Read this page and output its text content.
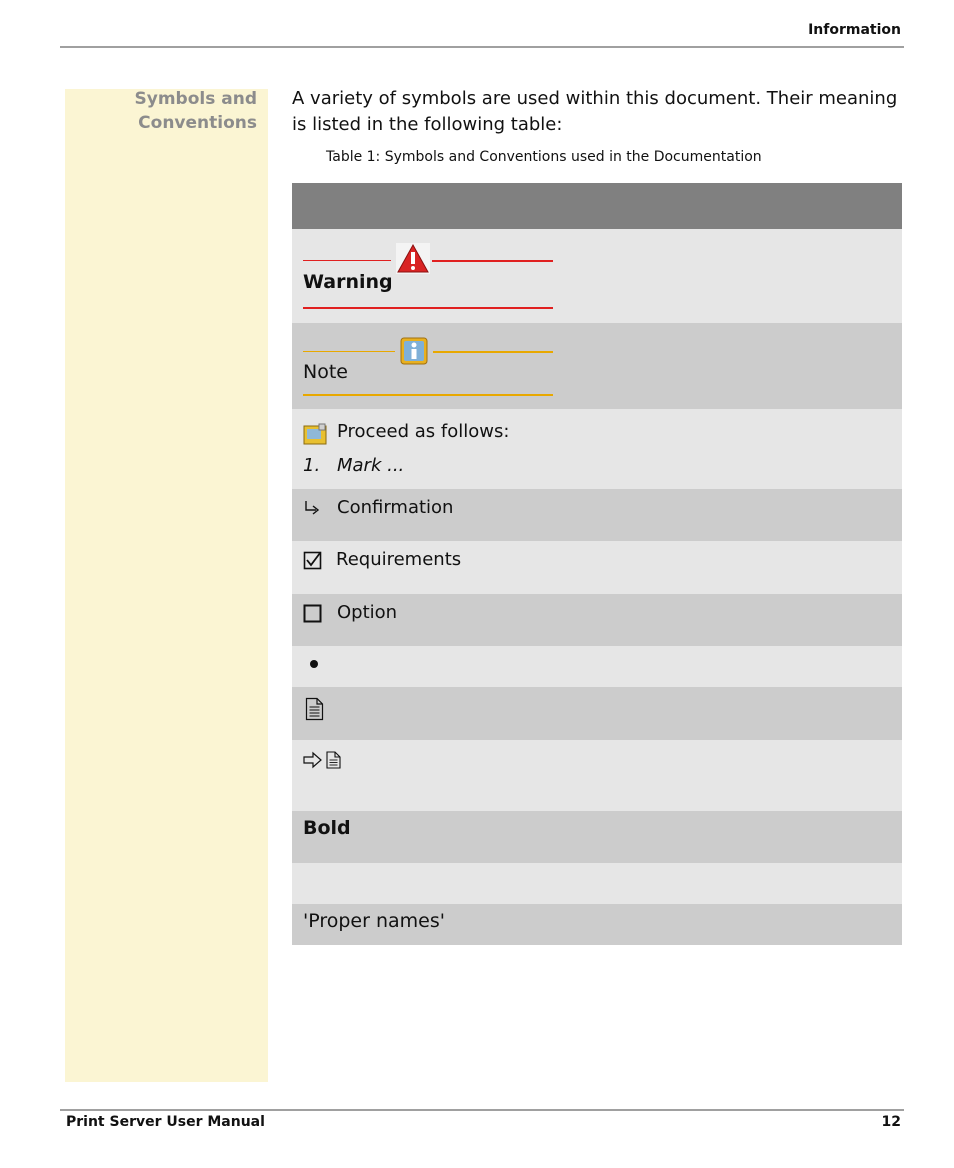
Information
Symbols and
Conventions
A variety of symbols are used within this document. Their meaning is listed in the following table:
Table 1: Symbols and Conventions used in the Documentation
Warning
Note
Proceed as follows:
1. Mark ...
Confirmation
Requirements
Option
Bold
'Proper names'
Print Server User Manual	12
